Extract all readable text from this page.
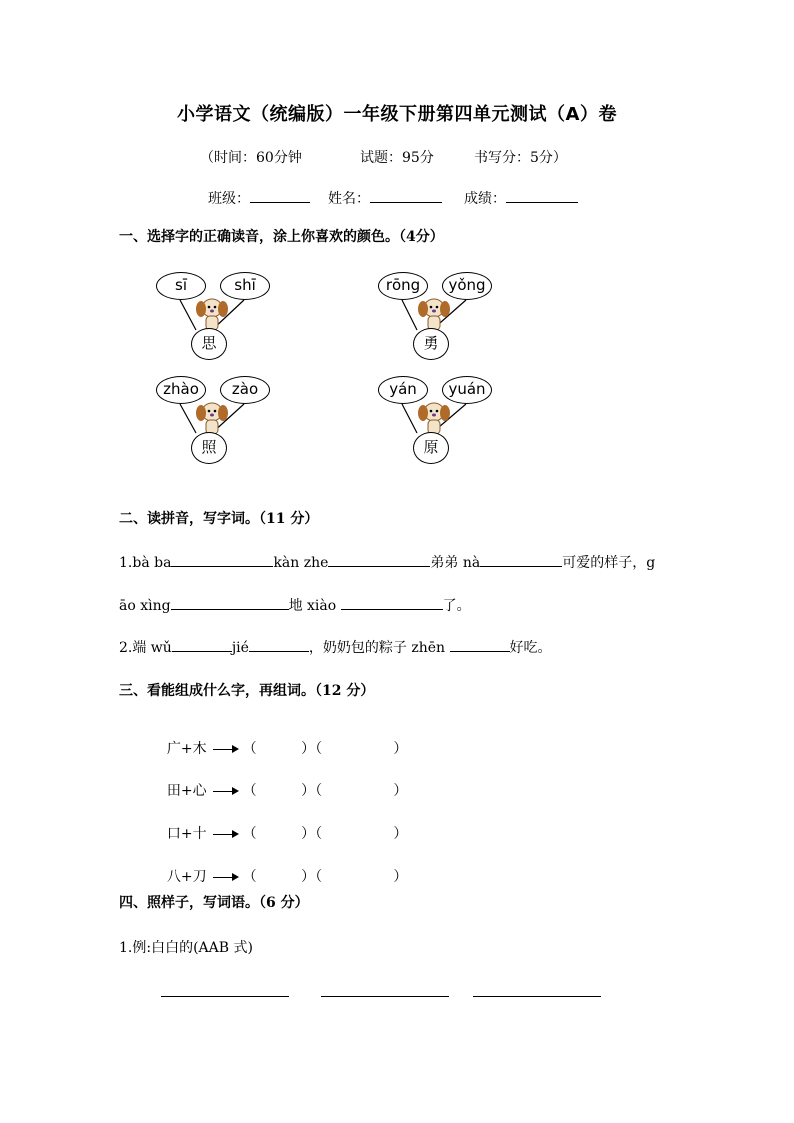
小学语文（统编版）一年级下册第四单元测试（A）卷
（时间：60分钟	试题：95分	书写分：5分）
班级：	姓名：	成绩：
一、选择字的正确读音，涂上你喜欢的颜色。（4分）
sī	shī
思
rōng	yǒng
勇
zhào	zào
照
yán	yuán
原
二、读拼音，写字词。（11 分）
1.bà ba	kàn zhe	弟弟 nà	可爱的样子，g
āo xìng	地 xiào	了。
2.端 wǔ	jié	，奶奶包的粽子 zhēn	好吃。
三、看能组成什么字，再组词。（12 分）

广+木	（          ）（                ）

田+心	（          ）（                ）

口+十	（          ）（                ）

八+刀	（          ）（                ）

四、照样子，写词语。（6 分）
1.例:白白的(AAB 式)
